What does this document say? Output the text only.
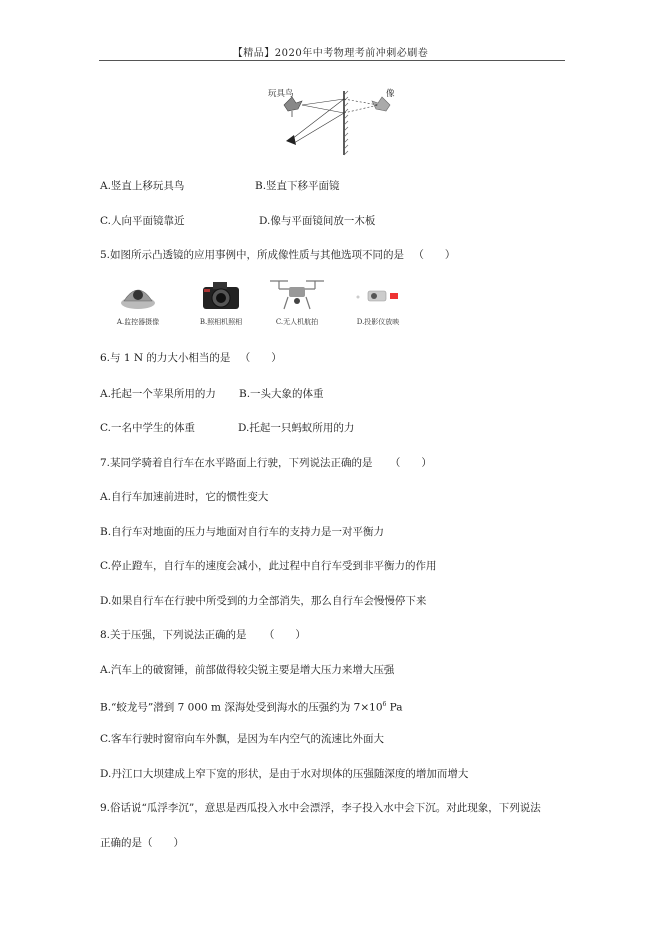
【精品】2020年中考物理考前冲刺必刷卷
玩具鸟	像
A.竖直上移玩具鸟	B.竖直下移平面镜
C.人向平面镜靠近	D.像与平面镜间放一木板
5.如图所示凸透镜的应用事例中，所成像性质与其他选项不同的是 （　　）
A.监控器摄像	B.照相机照相	C.无人机航拍	D.投影仪放映
6.与 1 N 的力大小相当的是 （　　）
A.托起一个苹果所用的力 B.一头大象的体重
C.一名中学生的体重	D.托起一只蚂蚁所用的力
7.某同学骑着自行车在水平路面上行驶，下列说法正确的是 （　　）
A.自行车加速前进时，它的惯性变大
B.自行车对地面的压力与地面对自行车的支持力是一对平衡力
C.停止蹬车，自行车的速度会减小，此过程中自行车受到非平衡力的作用
D.如果自行车在行驶中所受到的力全部消失，那么自行车会慢慢停下来
8.关于压强，下列说法正确的是 （　　）
A.汽车上的破窗锤，前部做得较尖锐主要是增大压力来增大压强
B.“蛟龙号”潜到 7 000 m 深海处受到海水的压强约为 $7\times 10^6$ Pa
C.客车行驶时窗帘向车外飘，是因为车内空气的流速比外面大
D.丹江口大坝建成上窄下宽的形状，是由于水对坝体的压强随深度的增加而增大
9.俗话说“瓜浮李沉”，意思是西瓜投入水中会漂浮，李子投入水中会下沉。对此现象，下列说法
正确的是（　　）
